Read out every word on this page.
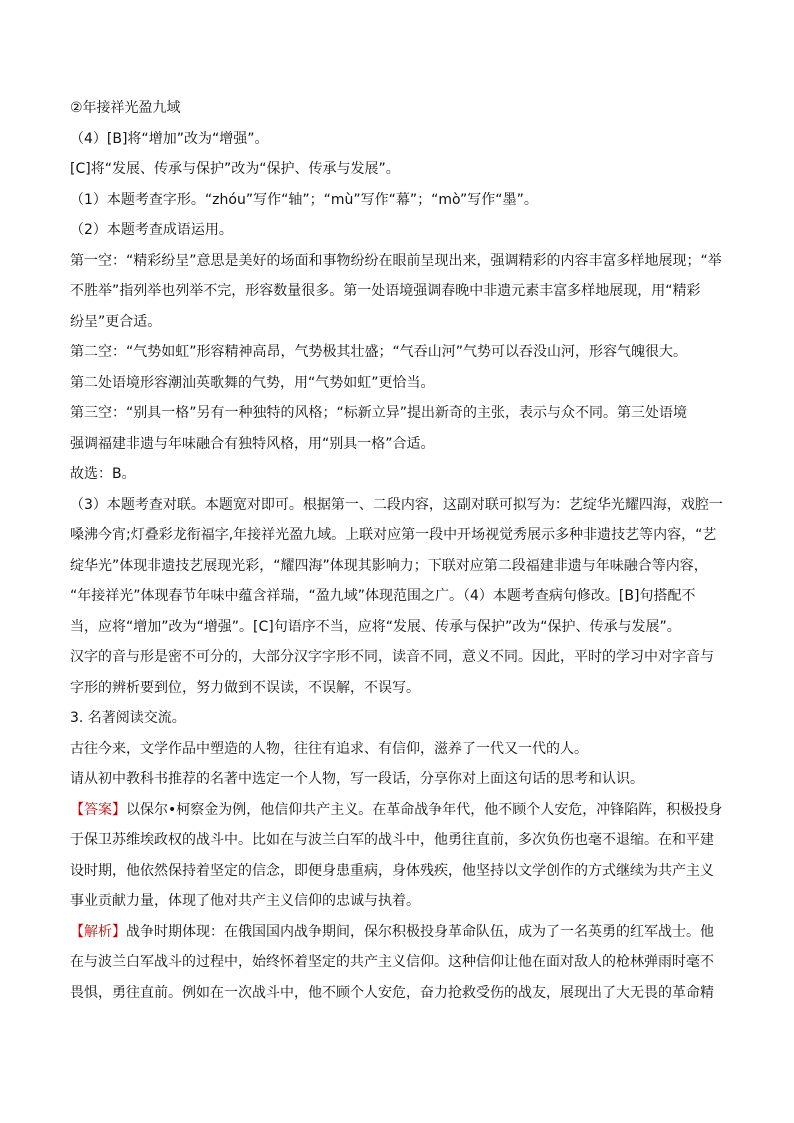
②年接祥光盈九域
（4）[B]将“增加”改为“增强”。
[C]将“发展、传承与保护”改为“保护、传承与发展”。
（1）本题考查字形。“zhóu”写作“轴”；“mù”写作“幕”；“mò”写作“墨”。
（2）本题考查成语运用。
第一空：“精彩纷呈”意思是美好的场面和事物纷纷在眼前呈现出来，强调精彩的内容丰富多样地展现；“举
不胜举”指列举也列举不完，形容数量很多。第一处语境强调春晚中非遗元素丰富多样地展现，用“精彩
纷呈”更合适。
第二空：“气势如虹”形容精神高昂，气势极其壮盛；“气吞山河”气势可以吞没山河，形容气魄很大。
第二处语境形容潮汕英歌舞的气势，用“气势如虹”更恰当。
第三空：“别具一格”另有一种独特的风格；“标新立异”提出新奇的主张，表示与众不同。第三处语境
强调福建非遗与年味融合有独特风格，用“别具一格”合适。
故选：B。
（3）本题考查对联。本题宽对即可。根据第一、二段内容，这副对联可拟写为：艺绽华光耀四海，戏腔一
嗓沸今宵;灯叠彩龙衔福字,年接祥光盈九域。上联对应第一段中开场视觉秀展示多种非遗技艺等内容，“艺
绽华光”体现非遗技艺展现光彩，“耀四海”体现其影响力；下联对应第二段福建非遗与年味融合等内容，
“年接祥光”体现春节年味中蕴含祥瑞，“盈九域”体现范围之广。（4）本题考查病句修改。[B]句搭配不
当，应将“增加”改为“增强”。[C]句语序不当，应将“发展、传承与保护”改为“保护、传承与发展”。
汉字的音与形是密不可分的，大部分汉字字形不同，读音不同，意义不同。因此，平时的学习中对字音与
字形的辨析要到位，努力做到不误读，不误解，不误写。
3. 名著阅读交流。
古往今来，文学作品中塑造的人物，往往有追求、有信仰，滋养了一代又一代的人。
请从初中教科书推荐的名著中选定一个人物，写一段话，分享你对上面这句话的思考和认识。
【答案】以保尔•柯察金为例，他信仰共产主义。在革命战争年代，他不顾个人安危，冲锋陷阵，积极投身
于保卫苏维埃政权的战斗中。比如在与波兰白军的战斗中，他勇往直前，多次负伤也毫不退缩。在和平建
设时期，他依然保持着坚定的信念，即便身患重病，身体残疾，他坚持以文学创作的方式继续为共产主义
事业贡献力量，体现了他对共产主义信仰的忠诚与执着。
【解析】战争时期体现：在俄国国内战争期间，保尔积极投身革命队伍，成为了一名英勇的红军战士。他
在与波兰白军战斗的过程中，始终怀着坚定的共产主义信仰。这种信仰让他在面对敌人的枪林弹雨时毫不
畏惧，勇往直前。例如在一次战斗中，他不顾个人安危，奋力抢救受伤的战友，展现出了大无畏的革命精
